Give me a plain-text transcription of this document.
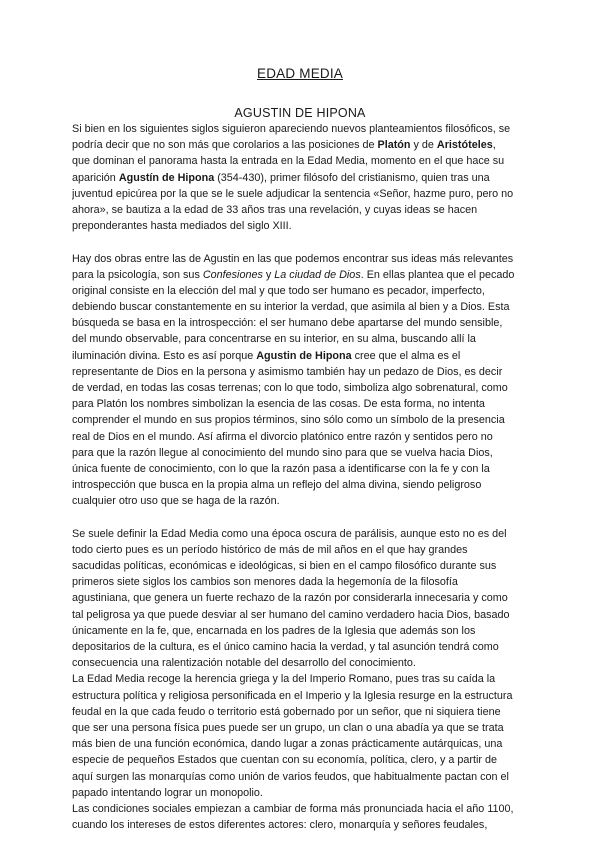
EDAD MEDIA
AGUSTIN DE HIPONA
Si bien en los siguientes siglos siguieron apareciendo nuevos planteamientos filosóficos, se
podría decir que no son más que corolarios a las posiciones de Platón y de Aristóteles,
que dominan el panorama hasta la entrada en la Edad Media, momento en el que hace su
aparición Agustín de Hipona (354-430), primer filósofo del cristianismo, quien tras una
juventud epicúrea por la que se le suele adjudicar la sentencia «Señor, hazme puro, pero no
ahora», se bautiza a la edad de 33 años tras una revelación, y cuyas ideas se hacen
preponderantes hasta mediados del siglo XIII.
Hay dos obras entre las de Agustin en las que podemos encontrar sus ideas más relevantes
para la psicología, son sus Confesiones y La ciudad de Dios. En ellas plantea que el pecado
original consiste en la elección del mal y que todo ser humano es pecador, imperfecto,
debiendo buscar constantemente en su interior la verdad, que asimila al bien y a Dios. Esta
búsqueda se basa en la introspección: el ser humano debe apartarse del mundo sensible,
del mundo observable, para concentrarse en su interior, en su alma, buscando allí la
iluminación divina. Esto es así porque Agustin de Hipona cree que el alma es el
representante de Dios en la persona y asimismo también hay un pedazo de Dios, es decir
de verdad, en todas las cosas terrenas; con lo que todo, simboliza algo sobrenatural, como
para Platón los nombres simbolizan la esencia de las cosas. De esta forma, no intenta
comprender el mundo en sus propios términos, sino sólo como un símbolo de la presencia
real de Dios en el mundo. Así afirma el divorcio platónico entre razón y sentidos pero no
para que la razón llegue al conocimiento del mundo sino para que se vuelva hacia Dios,
única fuente de conocimiento, con lo que la razón pasa a identificarse con la fe y con la
introspección que busca en la propia alma un reflejo del alma divina, siendo peligroso
cualquier otro uso que se haga de la razón.
Se suele definir la Edad Media como una época oscura de parálisis, aunque esto no es del
todo cierto pues es un período histórico de más de mil años en el que hay grandes
sacudidas políticas, económicas e ideológicas, si bien en el campo filosófico durante sus
primeros siete siglos los cambios son menores dada la hegemonía de la filosofía
agustiniana, que genera un fuerte rechazo de la razón por considerarla innecesaria y como
tal peligrosa ya que puede desviar al ser humano del camino verdadero hacia Dios, basado
únicamente en la fe, que, encarnada en los padres de la Iglesia que además son los
depositarios de la cultura, es el único camino hacia la verdad, y tal asunción tendrá como
consecuencia una ralentización notable del desarrollo del conocimiento.
La Edad Media recoge la herencia griega y la del Imperio Romano, pues tras su caída la
estructura política y religiosa personificada en el Imperio y la Iglesia resurge en la estructura
feudal en la que cada feudo o territorio está gobernado por un señor, que ni siquiera tiene
que ser una persona física pues puede ser un grupo, un clan o una abadía ya que se trata
más bien de una función económica, dando lugar a zonas prácticamente autárquicas, una
especie de pequeños Estados que cuentan con su economía, política, clero, y a partir de
aquí surgen las monarquías como unión de varios feudos, que habitualmente pactan con el
papado intentando lograr un monopolio.
Las condiciones sociales empiezan a cambiar de forma más pronunciada hacia el año 1100,
cuando los intereses de estos diferentes actores: clero, monarquía y señores feudales,
